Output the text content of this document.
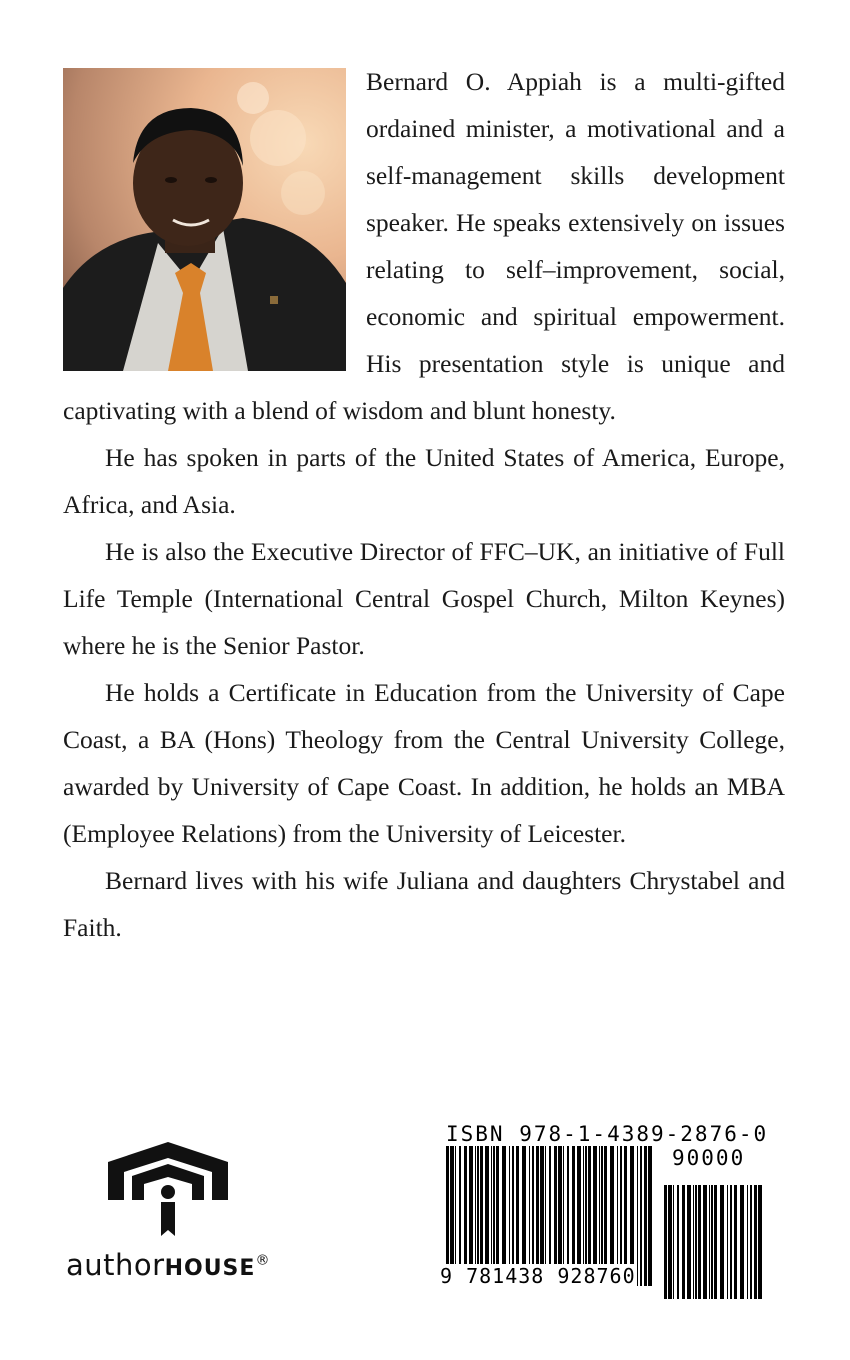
Bernard O. Appiah is a multi-gifted ordained minister, a motivational and a self-management skills development speaker. He speaks extensively on issues relating to self–improvement, social, economic and spiritual empowerment. His presentation style is unique and captivating with a blend of wisdom and blunt honesty.

He has spoken in parts of the United States of America, Europe, Africa, and Asia.

He is also the Executive Director of FFC–UK, an initiative of Full Life Temple (International Central Gospel Church, Milton Keynes) where he is the Senior Pastor.

He holds a Certificate in Education from the University of Cape Coast, a BA (Hons) Theology from the Central University College, awarded by University of Cape Coast. In addition, he holds an MBA (Employee Relations) from the University of Leicester.

Bernard lives with his wife Juliana and daughters Chrystabel and Faith.

authorHOUSE®
ISBN 978-1-4389-2876-0
90000
9 781438 928760
